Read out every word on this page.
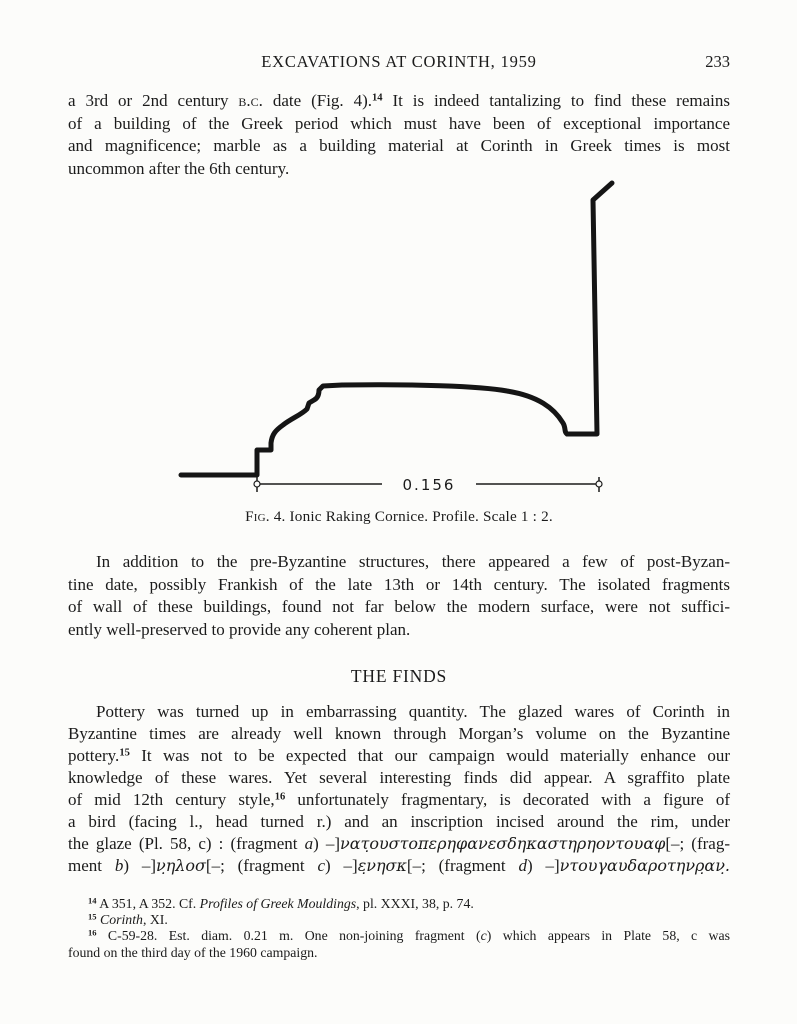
EXCAVATIONS AT CORINTH, 1959	233
a 3rd or 2nd century b.c. date (Fig. 4).$^{14}$ It is indeed tantalizing to find these remains
of a building of the Greek period which must have been of exceptional importance
and magnificence; marble as a building material at Corinth in Greek times is most
uncommon after the 6th century.
0.156
Fig. 4. Ionic Raking Cornice. Profile. Scale 1 : 2.
In addition to the pre-Byzantine structures, there appeared a few of post-Byzan-
tine date, possibly Frankish of the late 13th or 14th century. The isolated fragments
of wall of these buildings, found not far below the modern surface, were not suffici-
ently well-preserved to provide any coherent plan.
THE FINDS
Pottery was turned up in embarrassing quantity. The glazed wares of Corinth in
Byzantine times are already well known through Morgan’s volume on the Byzantine
pottery.$^{15}$ It was not to be expected that our campaign would materially enhance our
knowledge of these wares. Yet several interesting finds did appear. A sgraffito plate
of mid 12th century style,$^{16}$ unfortunately fragmentary, is decorated with a figure of
a bird (facing l., head turned r.) and an inscription incised around the rim, under
the glaze (Pl. 58, c) : (fragment a) –]νατ̣ουστοπερηφανεσδηκαστηρηοντουαφ[–; (frag-
ment b) –]ν̣ηλοσ[–; (fragment c) –]ε̣νησκ[–; (fragment d) –]ντουγαυδαροτηνρ̣αν̣.
$^{14}$ A 351, A 352. Cf. Profiles of Greek Mouldings, pl. XXXI, 38, p. 74.
$^{15}$ Corinth, XI.
$^{16}$ C-59-28. Est. diam. 0.21 m. One non-joining fragment (c) which appears in Plate 58, c was
found on the third day of the 1960 campaign.
